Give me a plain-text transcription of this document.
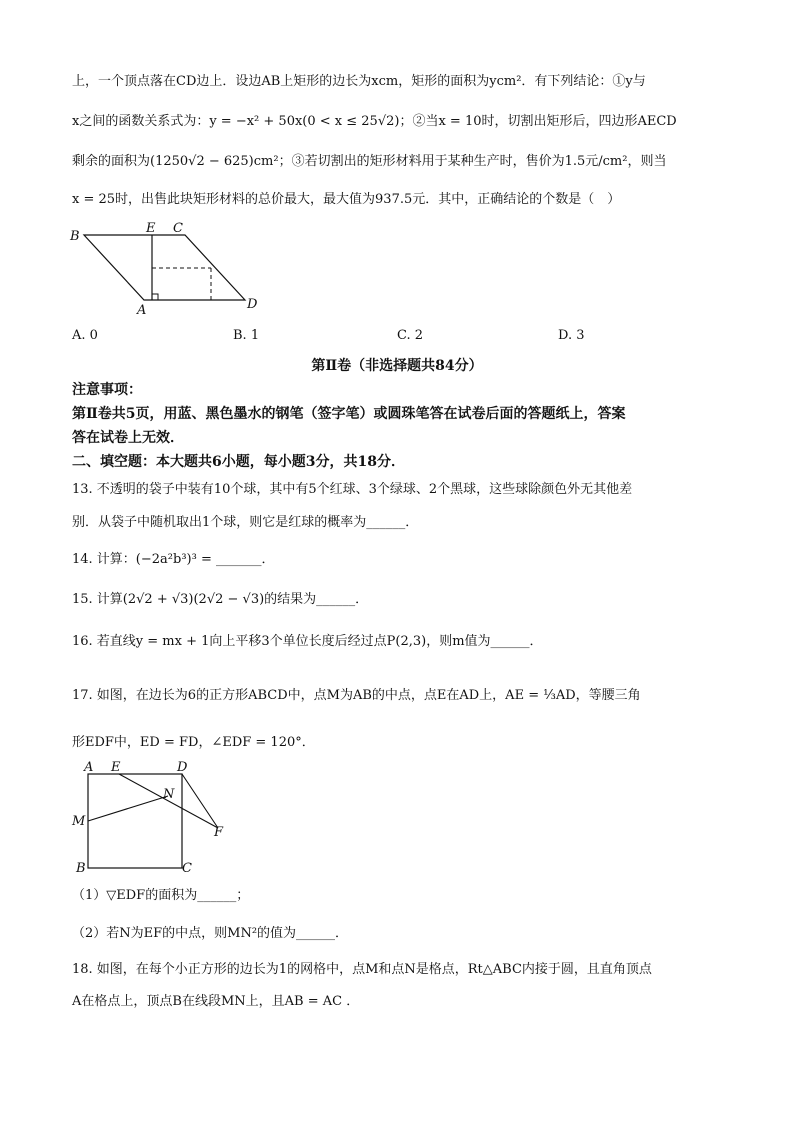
上，一个顶点落在CD边上．设边AB上矩形的边长为xcm，矩形的面积为ycm²．有下列结论：①y与
x之间的函数关系式为：y = −x² + 50x(0 < x ≤ 25√2)；②当x = 10时，切割出矩形后，四边形AECD
剩余的面积为(1250√2 − 625)cm²；③若切割出的矩形材料用于某种生产时，售价为1.5元/cm²，则当
x = 25时，出售此块矩形材料的总价最大，最大值为937.5元．其中，正确结论的个数是（　）
B
E C
A	D
A. 0	B. 1	C. 2	D. 3
第Ⅱ卷（非选择题共84分）
注意事项：
第Ⅱ卷共5页，用蓝、黑色墨水的钢笔（签字笔）或圆珠笔答在试卷后面的答题纸上，答案
答在试卷上无效．
二、填空题：本大题共6小题，每小题3分，共18分．
13. 不透明的袋子中装有10个球，其中有5个红球、3个绿球、2个黑球，这些球除颜色外无其他差
别．从袋子中随机取出1个球，则它是红球的概率为______．
14. 计算：(−2a²b³)³ = _______．
15. 计算(2√2 + √3)(2√2 − √3)的结果为______．
16. 若直线y = mx + 1向上平移3个单位长度后经过点P(2,3)，则m值为______．
17. 如图，在边长为6的正方形ABCD中，点M为AB的中点，点E在AD上，AE = ⅓AD，等腰三角
形EDF中，ED = FD，∠EDF = 120°．
A E	D
N
M
F
B	C
（1）▽EDF的面积为______；
（2）若N为EF的中点，则MN²的值为______．
18. 如图，在每个小正方形的边长为1的网格中，点M和点N是格点，Rt△ABC内接于圆，且直角顶点
A在格点上，顶点B在线段MN上，且AB = AC ．
